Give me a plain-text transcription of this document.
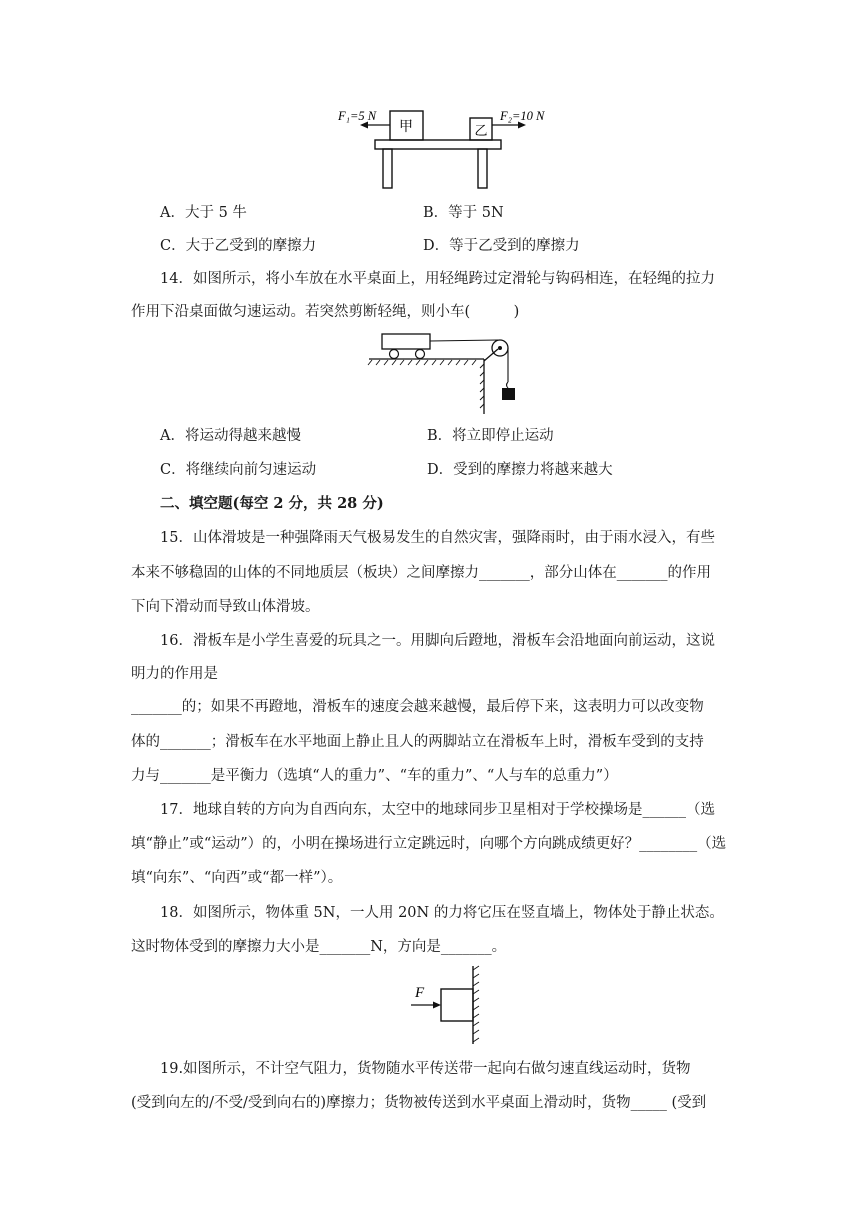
甲	乙
F₁=5 N	F₂=10 N
A．大于 5 牛	B．等于 5N
C．大于乙受到的摩擦力	D．等于乙受到的摩擦力
14．如图所示，将小车放在水平桌面上，用轻绳跨过定滑轮与钩码相连，在轻绳的拉力
作用下沿桌面做匀速运动。若突然剪断轻绳，则小车(　　　)
A．将运动得越来越慢	B．将立即停止运动
C．将继续向前匀速运动	D．受到的摩擦力将越来越大
二、填空题(每空 2 分，共 28 分)
15．山体滑坡是一种强降雨天气极易发生的自然灾害，强降雨时，由于雨水浸入，有些
本来不够稳固的山体的不同地质层（板块）之间摩擦力_______，部分山体在_______的作用
下向下滑动而导致山体滑坡。
16．滑板车是小学生喜爱的玩具之一。用脚向后蹬地，滑板车会沿地面向前运动，这说
明力的作用是
_______的；如果不再蹬地，滑板车的速度会越来越慢，最后停下来，这表明力可以改变物
体的_______；滑板车在水平地面上静止且人的两脚站立在滑板车上时，滑板车受到的支持
力与_______是平衡力（选填“人的重力”、“车的重力”、“人与车的总重力”）
17．地球自转的方向为自西向东，太空中的地球同步卫星相对于学校操场是______（选
填“静止”或“运动”）的，小明在操场进行立定跳远时，向哪个方向跳成绩更好？________（选
填“向东”、“向西”或“都一样”）。
18．如图所示，物体重 5N，一人用 20N 的力将它压在竖直墙上，物体处于静止状态。
这时物体受到的摩擦力大小是_______N，方向是_______。
F
19.如图所示，不计空气阻力，货物随水平传送带一起向右做匀速直线运动时，货物
(受到向左的/不受/受到向右的)摩擦力；货物被传送到水平桌面上滑动时，货物_____ (受到
